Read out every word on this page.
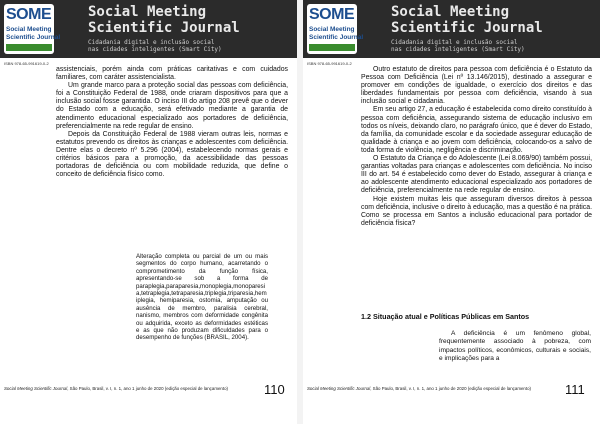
SOME
Social Meeting
Scientific Journal
Social Meeting
Scientific Journal
Cidadania digital e inclusão social
nas cidades inteligentes (Smart City)
ISBN 978-65-991619-0-2

assistenciais, porém ainda com práticas caritativas e com cuidados familiares, com caráter assistencialista.

Um grande marco para a proteção social das pessoas com deficiência, foi a Constituição Federal de 1988, onde criaram dispositivos para que a inclusão social fosse garantida. O inciso III do artigo 208 prevê que o dever do Estado com a educação, será efetivado mediante a garantia de atendimento educacional especializado aos portadores de deficiência, preferencialmente na rede regular de ensino.

Depois da Constituição Federal de 1988 vieram outras leis, normas e estatutos prevendo os direitos às crianças e adolescentes com deficiência. Dentre elas o decreto nº 5.296 (2004), estabelecendo normas gerais e critérios básicos para a promoção, da acessibilidade das pessoas portadoras de deficiência ou com mobilidade reduzida, que define o conceito de deficiência físico como.

Alteração completa ou parcial de um ou mais segmentos do corpo humano, acarretando o comprometimento da função física, apresentando-se sob a forma de paraplegia,paraparesia,monoplegia,monoparesia,tetraplegia,tetraparesia,triplegia,triparesia,hemiplegia, hemiparesia, ostomia, amputação ou ausência de membro, paralisia cerebral, nanismo, membros com deformidade congênita ou adquirida, exceto as deformidades estéticas e as que não produzam dificuldades para o desempenho de funções (BRASIL, 2004).
Social Meeting Scientific Journal, São Paulo, Brasil, v. I, n. 1, ano 1 junho de 2020 (edição especial de lançamento)	110
SOME
Social Meeting
Scientific Journal
Social Meeting
Scientific Journal
Cidadania digital e inclusão social
nas cidades inteligentes (Smart City)
ISBN 978-65-991619-0-2

Outro estatuto de direitos para pessoa com deficiência é o Estatuto da Pessoa com Deficiência (Lei nº 13.146/2015), destinado a assegurar e promover em condições de igualdade, o exercício dos direitos e das liberdades fundamentais por pessoa com deficiência, visando à sua inclusão social e cidadania.

Em seu artigo 27, a educação é estabelecida como direito constituído à pessoa com deficiência, assegurando sistema de educação inclusivo em todos os níveis, deixando claro, no parágrafo único, que é dever do Estado, da família, da comunidade escolar e da sociedade assegurar educação de qualidade à criança e ao jovem com deficiência, colocando-os a salvo de toda forma de violência, negligência e discriminação.

O Estatuto da Criança e do Adolescente (Lei 8.069/90) também possui, garantias voltadas para crianças e adolescentes com deficiência. No inciso III do art. 54 é estabelecido como dever do Estado, assegurar à criança e ao adolescente atendimento educacional especializado aos portadores de deficiência, preferencialmente na rede regular de ensino.

Hoje existem muitas leis que asseguram diversos direitos à pessoa com deficiência, inclusive o direito à educação, mas a questão é na prática. Como se processa em Santos a inclusão educacional para portador de deficiência física?

1.2 Situação atual e Políticas Públicas em Santos

A deficiência é um fenômeno global, frequentemente associado à pobreza, com impactos políticos, econômicos, culturais e sociais, e implicações para a

Social Meeting Scientific Journal, São Paulo, Brasil, v. I, n. 1, ano 1 junho de 2020 (edição especial de lançamento)	111
